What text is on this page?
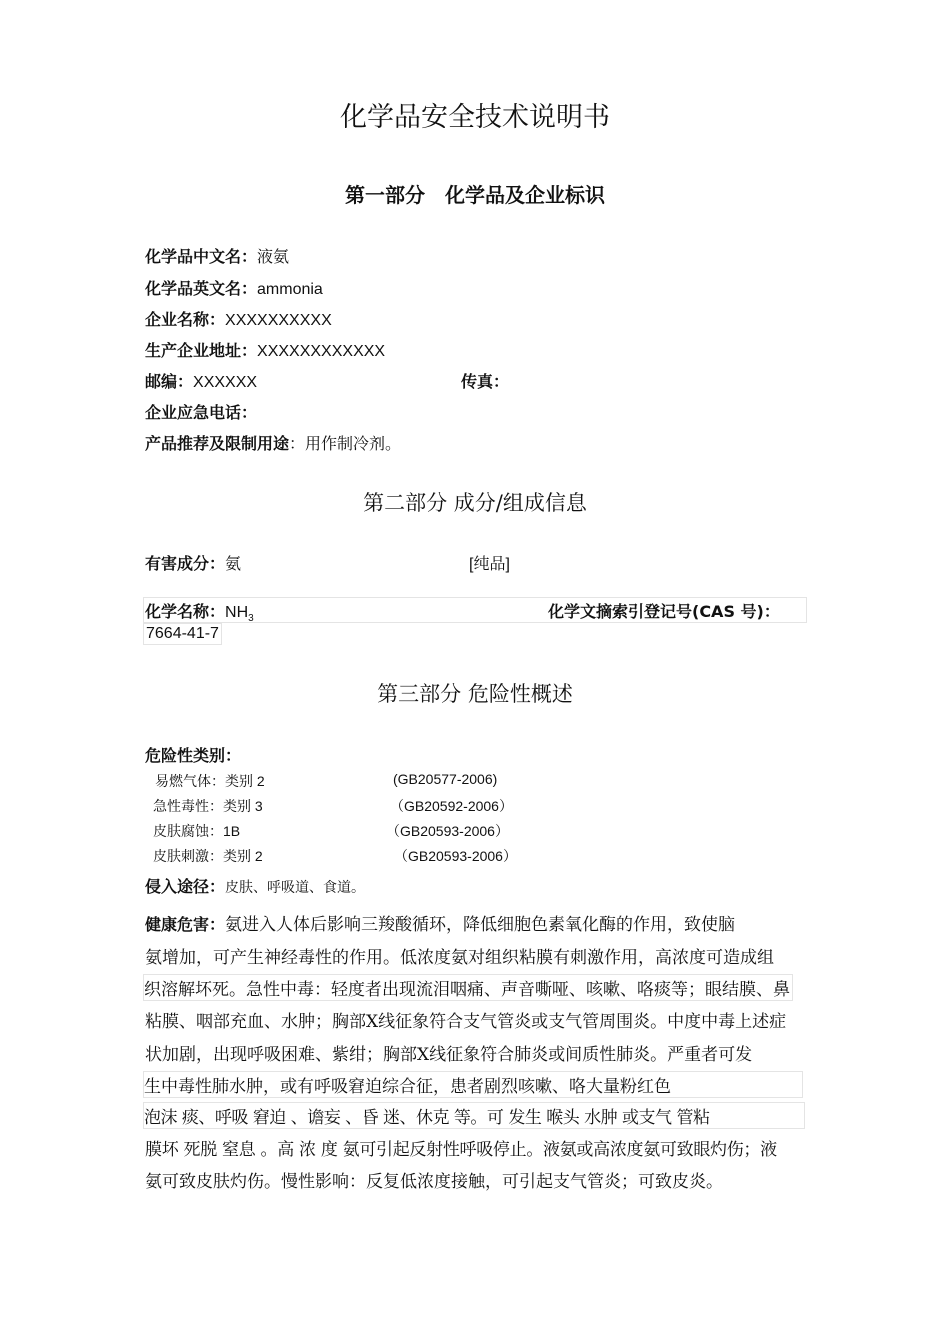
化学品安全技术说明书
第一部分　化学品及企业标识
化学品中文名：液氨
化学品英文名：ammonia
企业名称：XXXXXXXXXX
生产企业地址：XXXXXXXXXXXX
邮编：XXXXXX	传真：
企业应急电话：
产品推荐及限制用途：用作制冷剂。
第二部分 成分/组成信息
有害成分：氨	[纯品]
化学名称：$NH_3$	化学文摘索引登记号(CAS 号)：
7664-41-7
第三部分 危险性概述
危险性类别：
易燃气体：类别 2	(GB20577-2006)
急性毒性：类别 3	（GB20592-2006）
皮肤腐蚀：1B	（GB20593-2006）
皮肤刺激：类别 2	（GB20593-2006）
侵入途径：皮肤、呼吸道、食道。
健康危害：氨进入人体后影响三羧酸循环，降低细胞色素氧化酶的作用，致使脑
氨增加，可产生神经毒性的作用。低浓度氨对组织粘膜有刺激作用，高浓度可造成组
织溶解坏死。急性中毒：轻度者出现流泪咽痛、声音嘶哑、咳嗽、咯痰等；眼结膜、鼻
粘膜、咽部充血、水肿；胸部X线征象符合支气管炎或支气管周围炎。中度中毒上述症
状加剧，出现呼吸困难、紫绀；胸部X线征象符合肺炎或间质性肺炎。严重者可发
生中毒性肺水肿，或有呼吸窘迫综合征，患者剧烈咳嗽、咯大量粉红色
泡沫 痰、呼吸 窘迫 、谵妄 、昏 迷、休克 等。可 发生 喉头 水肿 或支气 管粘
膜坏 死脱 窒息 。高 浓 度 氨可引起反射性呼吸停止。液氨或高浓度氨可致眼灼伤；液
氨可致皮肤灼伤。慢性影响：反复低浓度接触，可引起支气管炎；可致皮炎。
